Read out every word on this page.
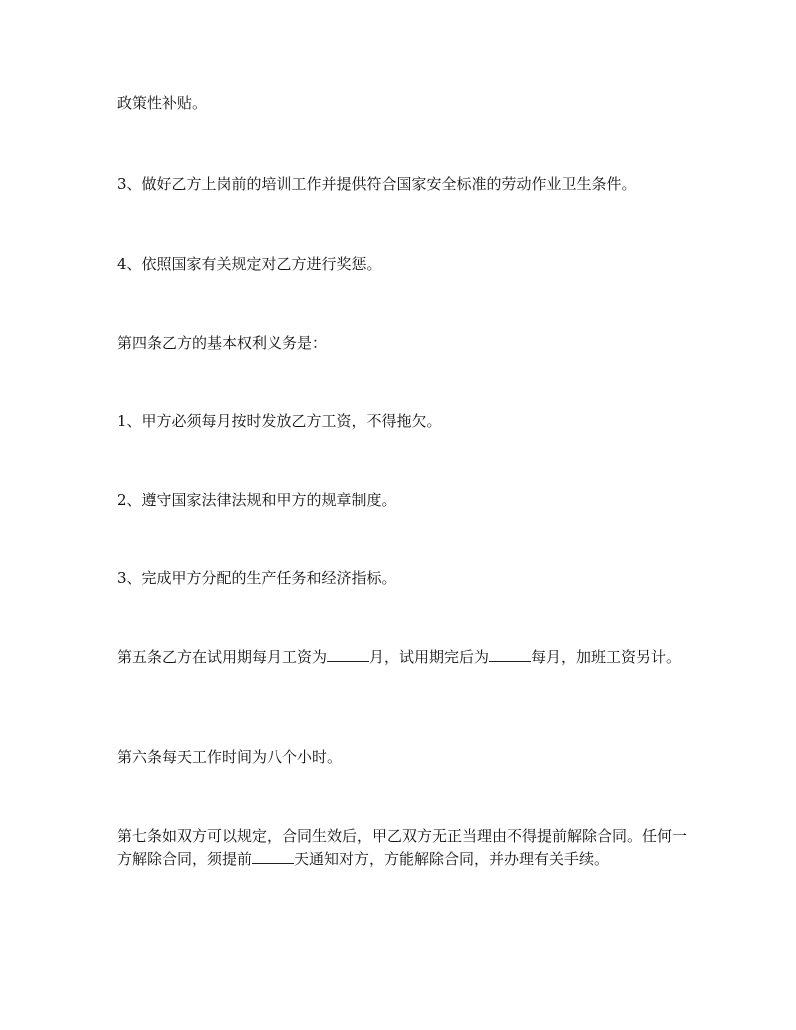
政策性补贴。

3、做好乙方上岗前的培训工作并提供符合国家安全标准的劳动作业卫生条件。

4、依照国家有关规定对乙方进行奖惩。

第四条乙方的基本权利义务是：

1、甲方必须每月按时发放乙方工资，不得拖欠。

2、遵守国家法律法规和甲方的规章制度。

3、完成甲方分配的生产任务和经济指标。

第五条乙方在试用期每月工资为	月，试用期完后为	每月，加班工资另计。

第六条每天工作时间为八个小时。

第七条如双方可以规定，合同生效后，甲乙双方无正当理由不得提前解除合同。任何一方解除合同，须提前	天通知对方，方能解除合同，并办理有关手续。
